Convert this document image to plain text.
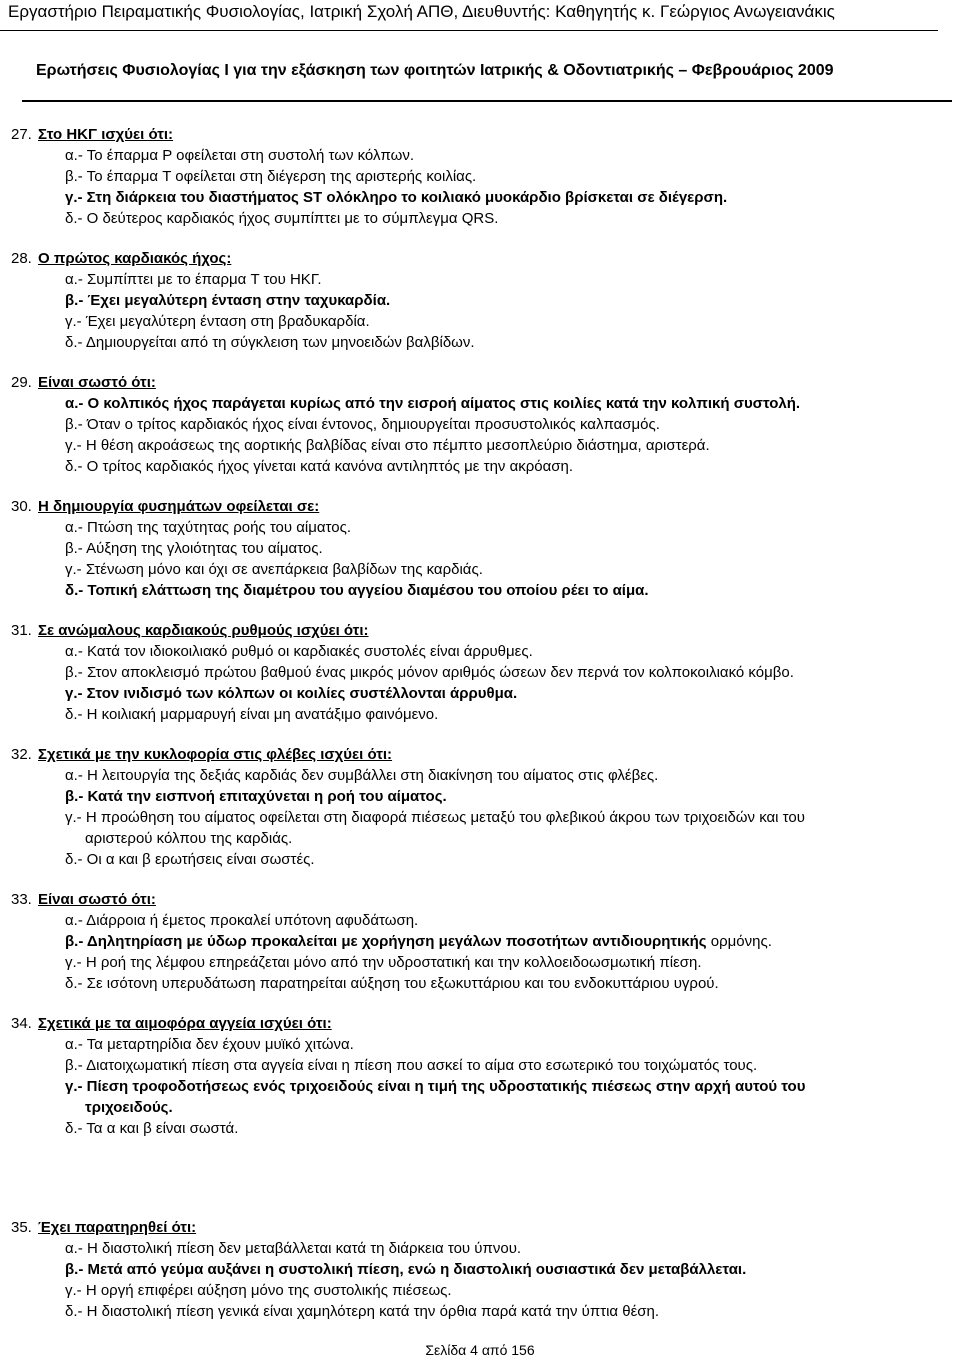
Εργαστήριο Πειραματικής Φυσιολογίας, Ιατρική Σχολή ΑΠΘ, Διευθυντής: Καθηγητής κ. Γεώργιος Ανωγειανάκις
Ερωτήσεις Φυσιολογίας I για την εξάσκηση των φοιτητών Ιατρικής & Οδοντιατρικής – Φεβρουάριος 2009
27. Στο ΗΚΓ ισχύει ότι:
α.- Το έπαρμα P οφείλεται στη συστολή των κόλπων.
β.- Το έπαρμα T οφείλεται στη διέγερση της αριστερής κοιλίας.
γ.- Στη διάρκεια του διαστήματος ST ολόκληρο το κοιλιακό μυοκάρδιο βρίσκεται σε διέγερση.
δ.- Ο δεύτερος καρδιακός ήχος συμπίπτει με το σύμπλεγμα QRS.
28. Ο πρώτος καρδιακός ήχος:
α.- Συμπίπτει με το έπαρμα T του ΗΚΓ.
β.- Έχει μεγαλύτερη ένταση στην ταχυκαρδία.
γ.- Έχει μεγαλύτερη ένταση στη βραδυκαρδία.
δ.- Δημιουργείται από τη σύγκλειση των μηνοειδών βαλβίδων.
29. Είναι σωστό ότι:
α.- Ο κολπικός ήχος παράγεται κυρίως από την εισροή αίματος στις κοιλίες κατά την κολπική συστολή.
β.- Όταν ο τρίτος καρδιακός ήχος είναι έντονος, δημιουργείται προσυστολικός καλπασμός.
γ.- Η θέση ακροάσεως της αορτικής βαλβίδας είναι στο πέμπτο μεσοπλεύριο διάστημα, αριστερά.
δ.- Ο τρίτος καρδιακός ήχος γίνεται κατά κανόνα αντιληπτός με την ακρόαση.
30. Η δημιουργία φυσημάτων οφείλεται σε:
α.- Πτώση της ταχύτητας ροής του αίματος.
β.- Αύξηση της γλοιότητας του αίματος.
γ.- Στένωση μόνο και όχι σε ανεπάρκεια βαλβίδων της καρδιάς.
δ.- Τοπική ελάττωση της διαμέτρου του αγγείου διαμέσου του οποίου ρέει το αίμα.
31. Σε ανώμαλους καρδιακούς ρυθμούς ισχύει ότι:
α.- Κατά τον ιδιοκοιλιακό ρυθμό οι καρδιακές συστολές είναι άρρυθμες.
β.- Στον αποκλεισμό πρώτου βαθμού ένας μικρός μόνον αριθμός ώσεων δεν περνά τον κολποκοιλιακό κόμβο.
γ.- Στον ινιδισμό των κόλπων οι κοιλίες συστέλλονται άρρυθμα.
δ.- Η κοιλιακή μαρμαρυγή είναι μη ανατάξιμο φαινόμενο.
32. Σχετικά με την κυκλοφορία στις φλέβες ισχύει ότι:
α.- Η λειτουργία της δεξιάς καρδιάς δεν συμβάλλει στη διακίνηση του αίματος στις φλέβες.
β.- Κατά την εισπνοή επιταχύνεται η ροή του αίματος.
γ.- Η προώθηση του αίματος οφείλεται στη διαφορά πιέσεως μεταξύ του φλεβικού άκρου των τριχοειδών και του
αριστερού κόλπου της καρδιάς.
δ.- Οι α και β ερωτήσεις είναι σωστές.
33. Είναι σωστό ότι:
α.- Διάρροια ή έμετος προκαλεί υπότονη αφυδάτωση.
β.- Δηλητηρίαση με ύδωρ προκαλείται με χορήγηση μεγάλων ποσοτήτων αντιδιουρητικής ορμόνης.
γ.- Η ροή της λέμφου επηρεάζεται μόνο από την υδροστατική και την κολλοειδοωσμωτική πίεση.
δ.- Σε ισότονη υπερυδάτωση παρατηρείται αύξηση του εξωκυττάριου και του ενδοκυττάριου υγρού.
34. Σχετικά με τα αιμοφόρα αγγεία ισχύει ότι:
α.- Τα μεταρτηρίδια δεν έχουν μυϊκό χιτώνα.
β.- Διατοιχωματική πίεση στα αγγεία είναι η πίεση που ασκεί το αίμα στο εσωτερικό του τοιχώματός τους.
γ.- Πίεση τροφοδοτήσεως ενός τριχοειδούς είναι η τιμή της υδροστατικής πιέσεως στην αρχή αυτού του
τριχοειδούς.
δ.- Τα α και β είναι σωστά.
35. Έχει παρατηρηθεί ότι:
α.- Η διαστολική πίεση δεν μεταβάλλεται κατά τη διάρκεια του ύπνου.
β.- Μετά από γεύμα αυξάνει η συστολική πίεση, ενώ η διαστολική ουσιαστικά δεν μεταβάλλεται.
γ.- Η οργή επιφέρει αύξηση μόνο της συστολικής πιέσεως.
δ.- Η διαστολική πίεση γενικά είναι χαμηλότερη κατά την όρθια παρά κατά την ύπτια θέση.
Σελίδα 4 από 156
